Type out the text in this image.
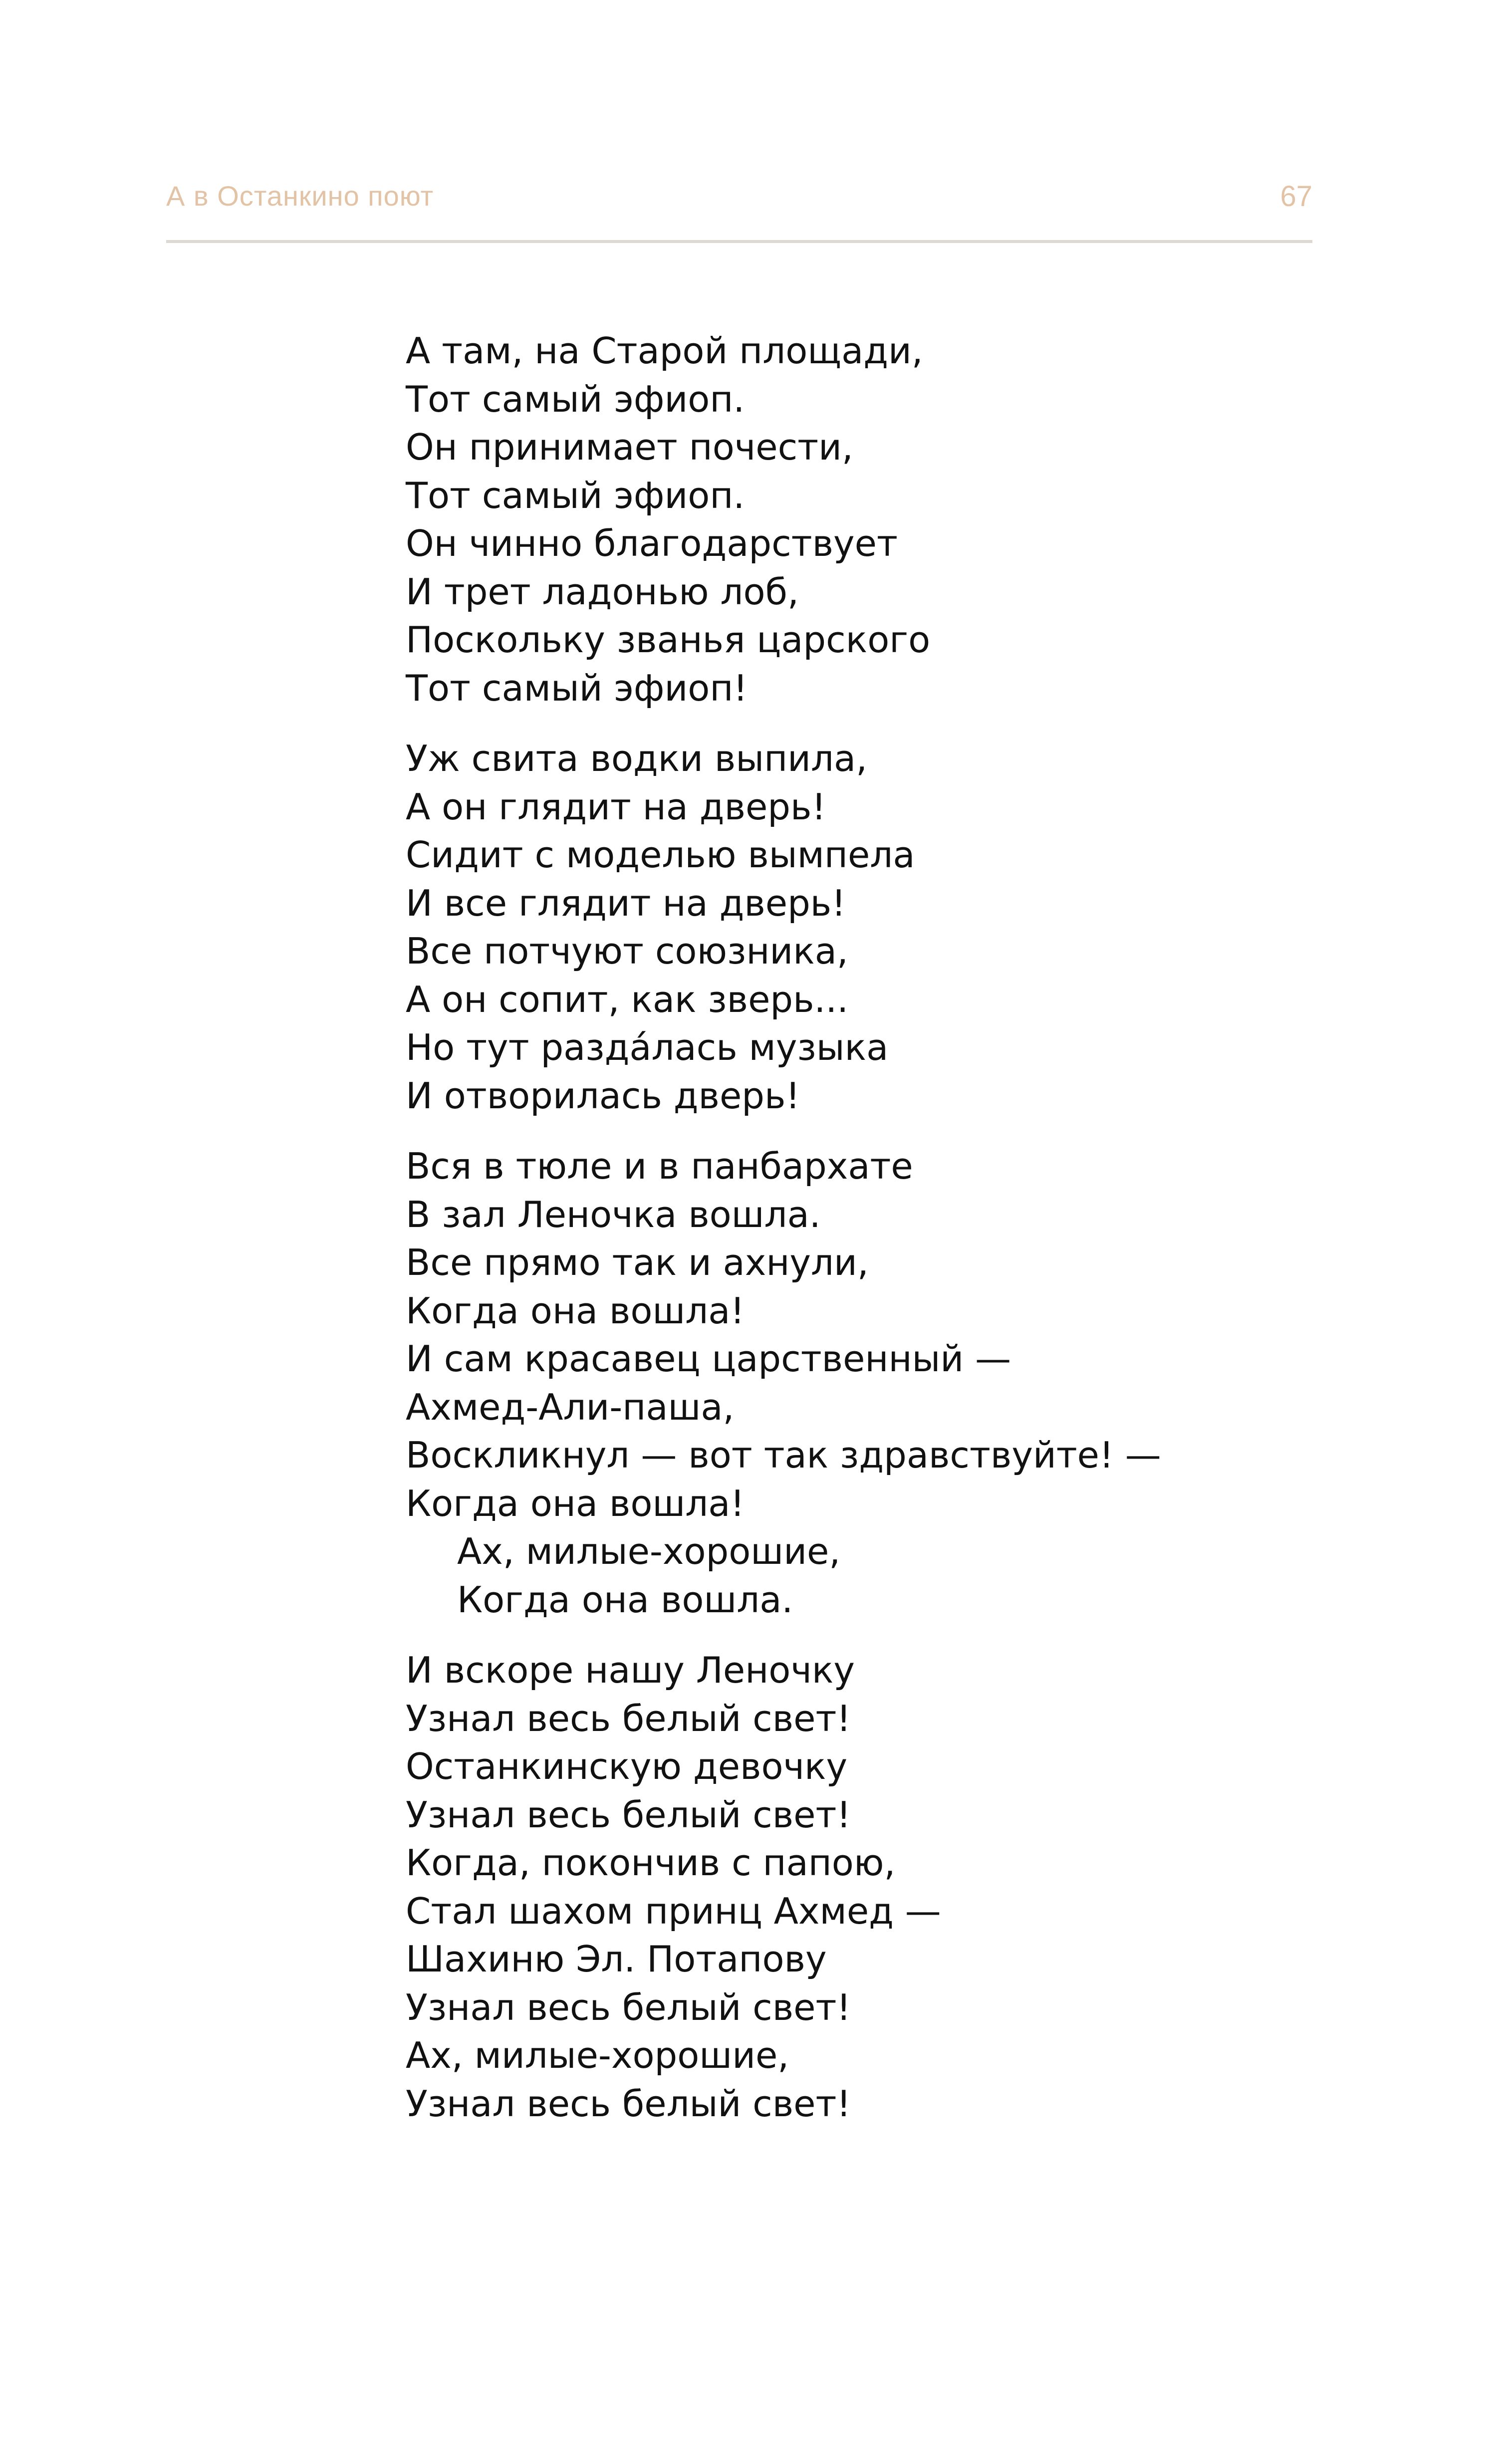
А в Останкино поют	67
А там, на Старой площади,
Тот самый эфиоп.
Он принимает почести,
Тот самый эфиоп.
Он чинно благодарствует
И трет ладонью лоб,
Поскольку званья царского
Тот самый эфиоп!
Уж свита водки выпила,
А он глядит на дверь!
Сидит с моделью вымпела
И все глядит на дверь!
Все потчуют союзника,
А он сопит, как зверь...
Но тут раздáлась музыка
И отворилась дверь!
Вся в тюле и в панбархате
В зал Леночка вошла.
Все прямо так и ахнули,
Когда она вошла!
И сам красавец царственный —
Ахмед-Али-паша,
Воскликнул — вот так здравствуйте! —
Когда она вошла!
Ах, милые-хорошие,
Когда она вошла.
И вскоре нашу Леночку
Узнал весь белый свет!
Останкинскую девочку
Узнал весь белый свет!
Когда, покончив с папою,
Стал шахом принц Ахмед —
Шахиню Эл. Потапову
Узнал весь белый свет!
Ах, милые-хорошие,
Узнал весь белый свет!
